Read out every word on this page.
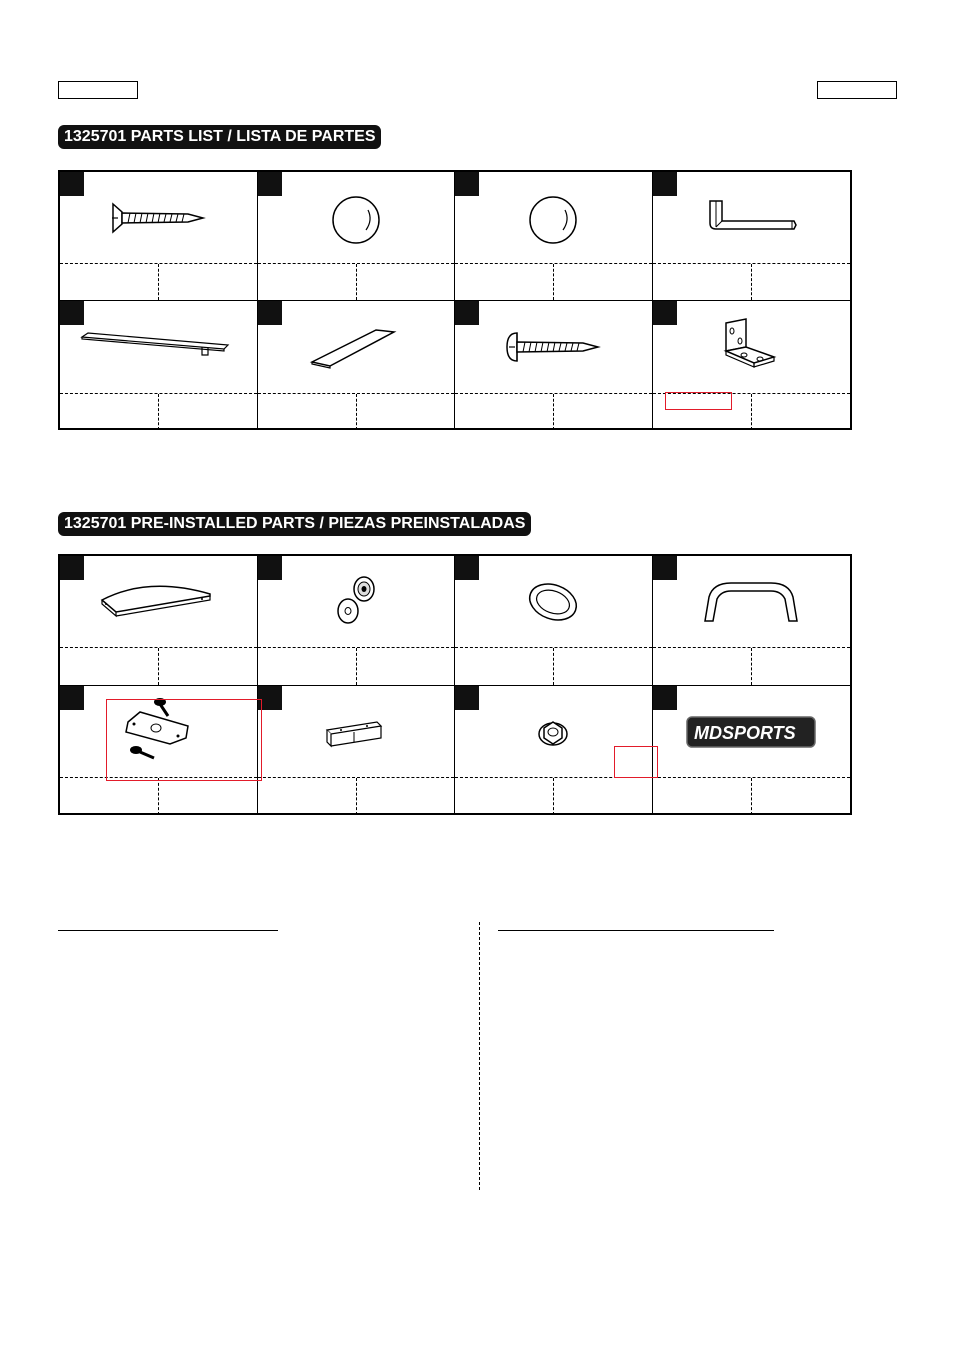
1325701 PARTS LIST / LISTA DE PARTES
1325701 PRE-INSTALLED PARTS / PIEZAS PREINSTALADAS
MDSPORTS
